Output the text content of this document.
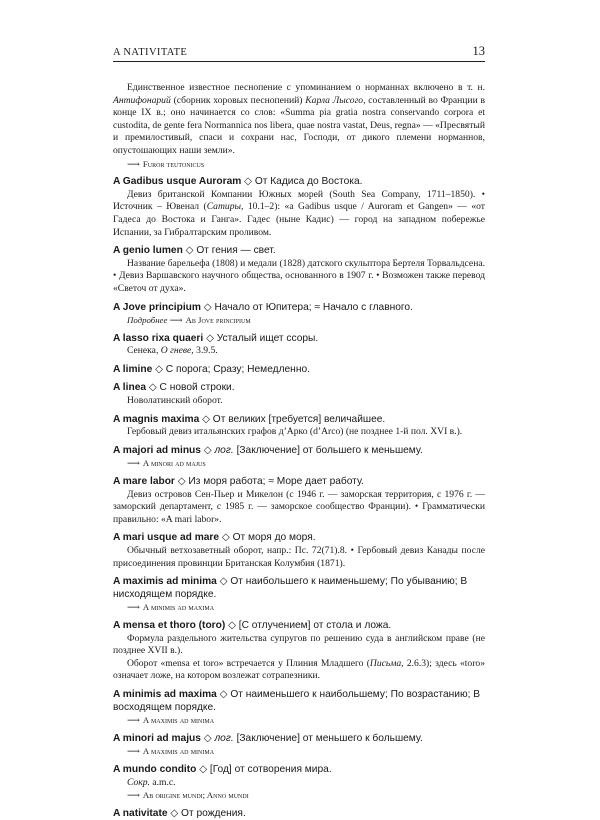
A NATIVITATE	13

Единственное известное песнопение с упоминанием о норманнах включено в т. н. Антифонарий (сборник хоровых песнопений) Карла Лысого, составленный во Франции в конце IX в.; оно начинается со слов: «Summa pia gratia nostra conservando corpora et custodita, de gente fera Normannica nos libera, quae nostra vastat, Deus, regna» — «Пресвятый и премилостивый, спаси и сохрани нас, Господи, от дикого племени норманнов, опустошающих наши земли».

⟶ Furor teutonicus

A Gadibus usque Auroram ◇ От Кадиса до Востока.

Девиз британской Компании Южных морей (South Sea Company, 1711–1850). • Источник – Ювенал (Сатиры, 10.1–2): «a Gadibus usque / Auroram et Gangen» — «от Гадеса до Востока и Ганга». Гадес (ныне Кадис) — город на западном побережье Испании, за Гибралтарским проливом.

A genio lumen ◇ От гения — свет.

Название барельефа (1808) и медали (1828) датского скульптора Бертеля Торвальдсена. • Девиз Варшавского научного общества, основанного в 1907 г. • Возможен также перевод «Светоч от духа».

A Jove principium ◇ Начало от Юпитера; ≈ Начало с главного.

Подробнее ⟶ Ab Jove principium

A lasso rixa quaeri ◇ Усталый ищет ссоры.

Сенека, О гневе, 3.9.5.

A limine ◇ С порога; Сразу; Немедленно.
A linea ◇ С новой строки.

Новолатинский оборот.

A magnis maxima ◇ От великих [требуется] величайшее.

Гербовый девиз итальянских графов д’Арко (d’Arco) (не позднее 1-й пол. XVI в.).

A majori ad minus ◇ лог. [Заключение] от большего к меньшему.

⟶ A minori ad majus

A mare labor ◇ Из моря работа; ≈ Море дает работу.

Девиз островов Сен-Пьер и Микелон (с 1946 г. — заморская территория, с 1976 г. — заморский департамент, с 1985 г. — заморское сообщество Франции). • Грамматически правильно: «A mari labor».

A mari usque ad mare ◇ От моря до моря.

Обычный ветхозаветный оборот, напр.: Пс. 72(71).8. • Гербовый девиз Канады после присоединения провинции Британская Колумбия (1871).

A maximis ad minima ◇ От наибольшего к наименьшему; По убыванию; В нисходящем порядке.

⟶ A minimis ad maxima

A mensa et thoro (toro) ◇ [С отлучением] от стола и ложа.

Формула раздельного жительства супругов по решению суда в английском праве (не позднее XVII в.).

Оборот «mensa et toro» встречается у Плиния Младшего (Письма, 2.6.3); здесь «toro» означает ложе, на котором возлежат сотрапезники.

A minimis ad maxima ◇ От наименьшего к наибольшему; По возрастанию; В восходящем порядке.

⟶ A maximis ad minima

A minori ad majus ◇ лог. [Заключение] от меньшего к большему.

⟶ A maximis ad minima

A mundo condito ◇ [Год] от сотворения мира.

Сокр. a.m.c.

⟶ Ab origine mundi; Anno mundi

A nativitate ◇ От рождения.
